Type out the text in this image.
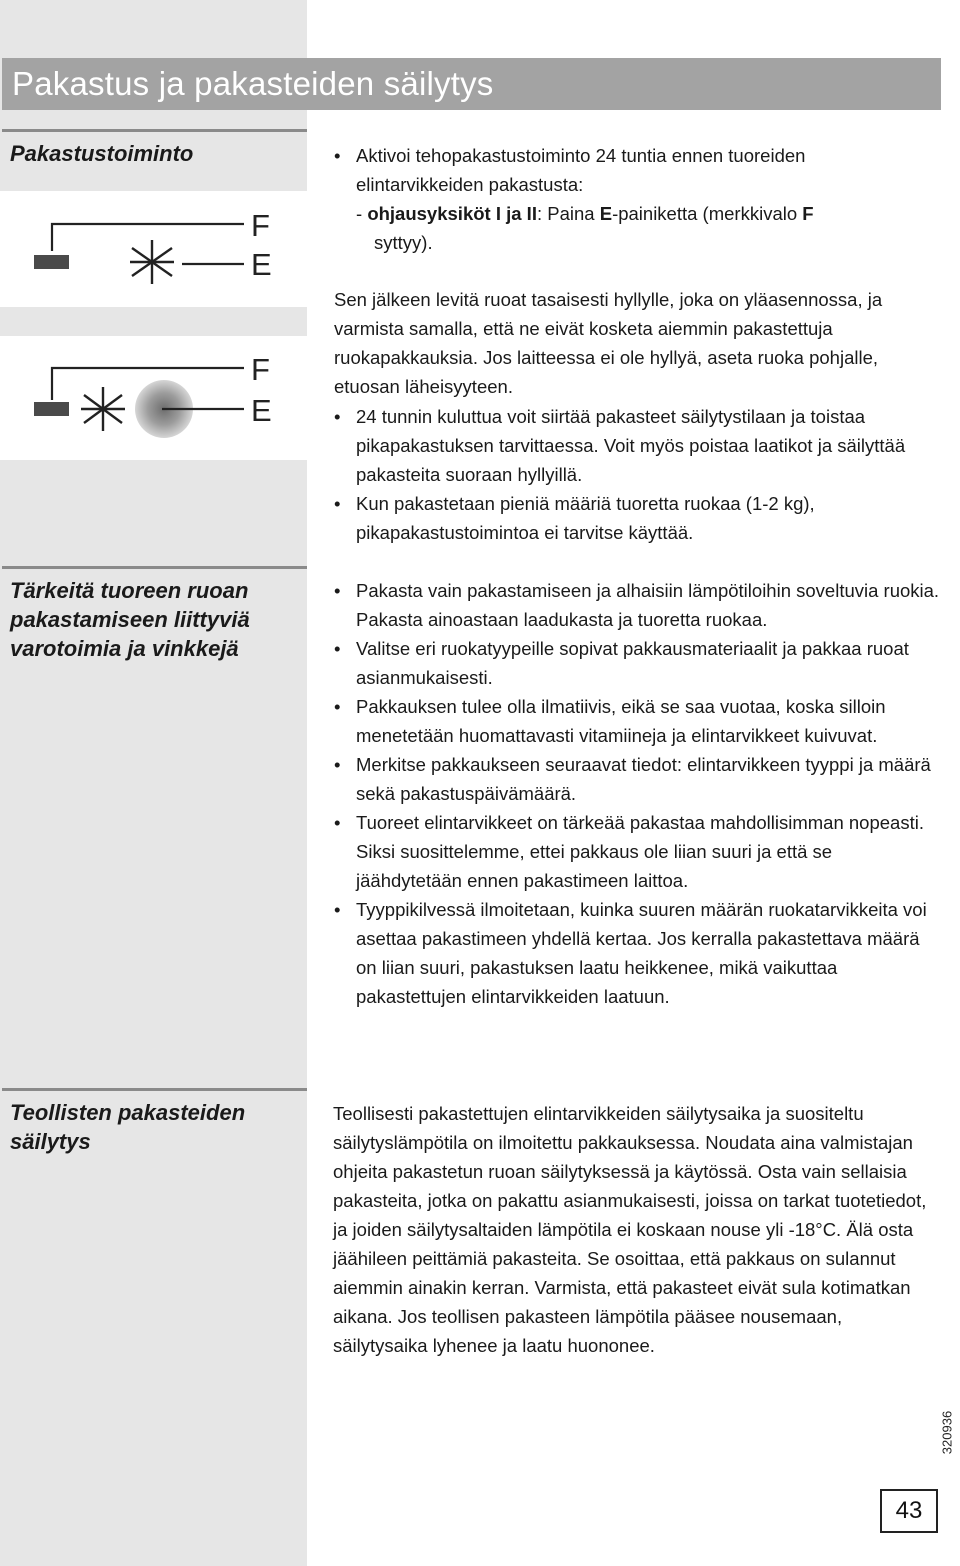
Pakastus ja pakasteiden säilytys
Pakastustoiminto
F
E
F
E
• Aktivoi tehopakastustoiminto 24 tuntia ennen tuoreiden
elintarvikkeiden pakastusta:
- ohjausyksiköt I ja II: Paina E-painiketta (merkkivalo F
syttyy).

Sen jälkeen levitä ruoat tasaisesti hyllylle, joka on yläasennossa, ja varmista samalla, että ne eivät kosketa aiemmin pakastettuja ruokapakkauksia. Jos laitteessa ei ole hyllyä, aseta ruoka pohjalle, etuosan läheisyyteen.

• 24 tunnin kuluttua voit siirtää pakasteet säilytystilaan ja toistaa pikapakastuksen tarvittaessa. Voit myös poistaa laatikot ja säilyttää pakasteita suoraan hyllyillä.
• Kun pakastetaan pieniä määriä tuoretta ruokaa (1-2 kg), pikapakastustoimintoa ei tarvitse käyttää.
Tärkeitä tuoreen ruoan pakastamiseen liittyviä varotoimia ja vinkkejä
• Pakasta vain pakastamiseen ja alhaisiin lämpötiloihin soveltuvia ruokia. Pakasta ainoastaan laadukasta ja tuoretta ruokaa.
• Valitse eri ruokatyypeille sopivat pakkausmateriaalit ja pakkaa ruoat asianmukaisesti.
• Pakkauksen tulee olla ilmatiivis, eikä se saa vuotaa, koska silloin menetetään huomattavasti vitamiineja ja elintarvikkeet kuivuvat.
• Merkitse pakkaukseen seuraavat tiedot: elintarvikkeen tyyppi ja määrä sekä pakastuspäivämäärä.
• Tuoreet elintarvikkeet on tärkeää pakastaa mahdollisimman nopeasti. Siksi suosittelemme, ettei pakkaus ole liian suuri ja että se jäähdytetään ennen pakastimeen laittoa.
• Tyyppikilvessä ilmoitetaan, kuinka suuren määrän ruokatarvikkeita voi asettaa pakastimeen yhdellä kertaa. Jos kerralla pakastettava määrä on liian suuri, pakastuksen laatu heikkenee, mikä vaikuttaa pakastettujen elintarvikkeiden laatuun.
Teollisten pakasteiden säilytys

Teollisesti pakastettujen elintarvikkeiden säilytysaika ja suositeltu säilytyslämpötila on ilmoitettu pakkauksessa. Noudata aina valmistajan ohjeita pakastetun ruoan säilytyksessä ja käytössä. Osta vain sellaisia pakasteita, jotka on pakattu asianmukaisesti, joissa on tarkat tuotetiedot, ja joiden säilytysaltaiden lämpötila ei koskaan nouse yli -18°C. Älä osta jäähileen peittämiä pakasteita. Se osoittaa, että pakkaus on sulannut aiemmin ainakin kerran. Varmista, että pakasteet eivät sula kotimatkan aikana. Jos teollisen pakasteen lämpötila pääsee nousemaan, säilytysaika lyhenee ja laatu huononee.

320936
43
